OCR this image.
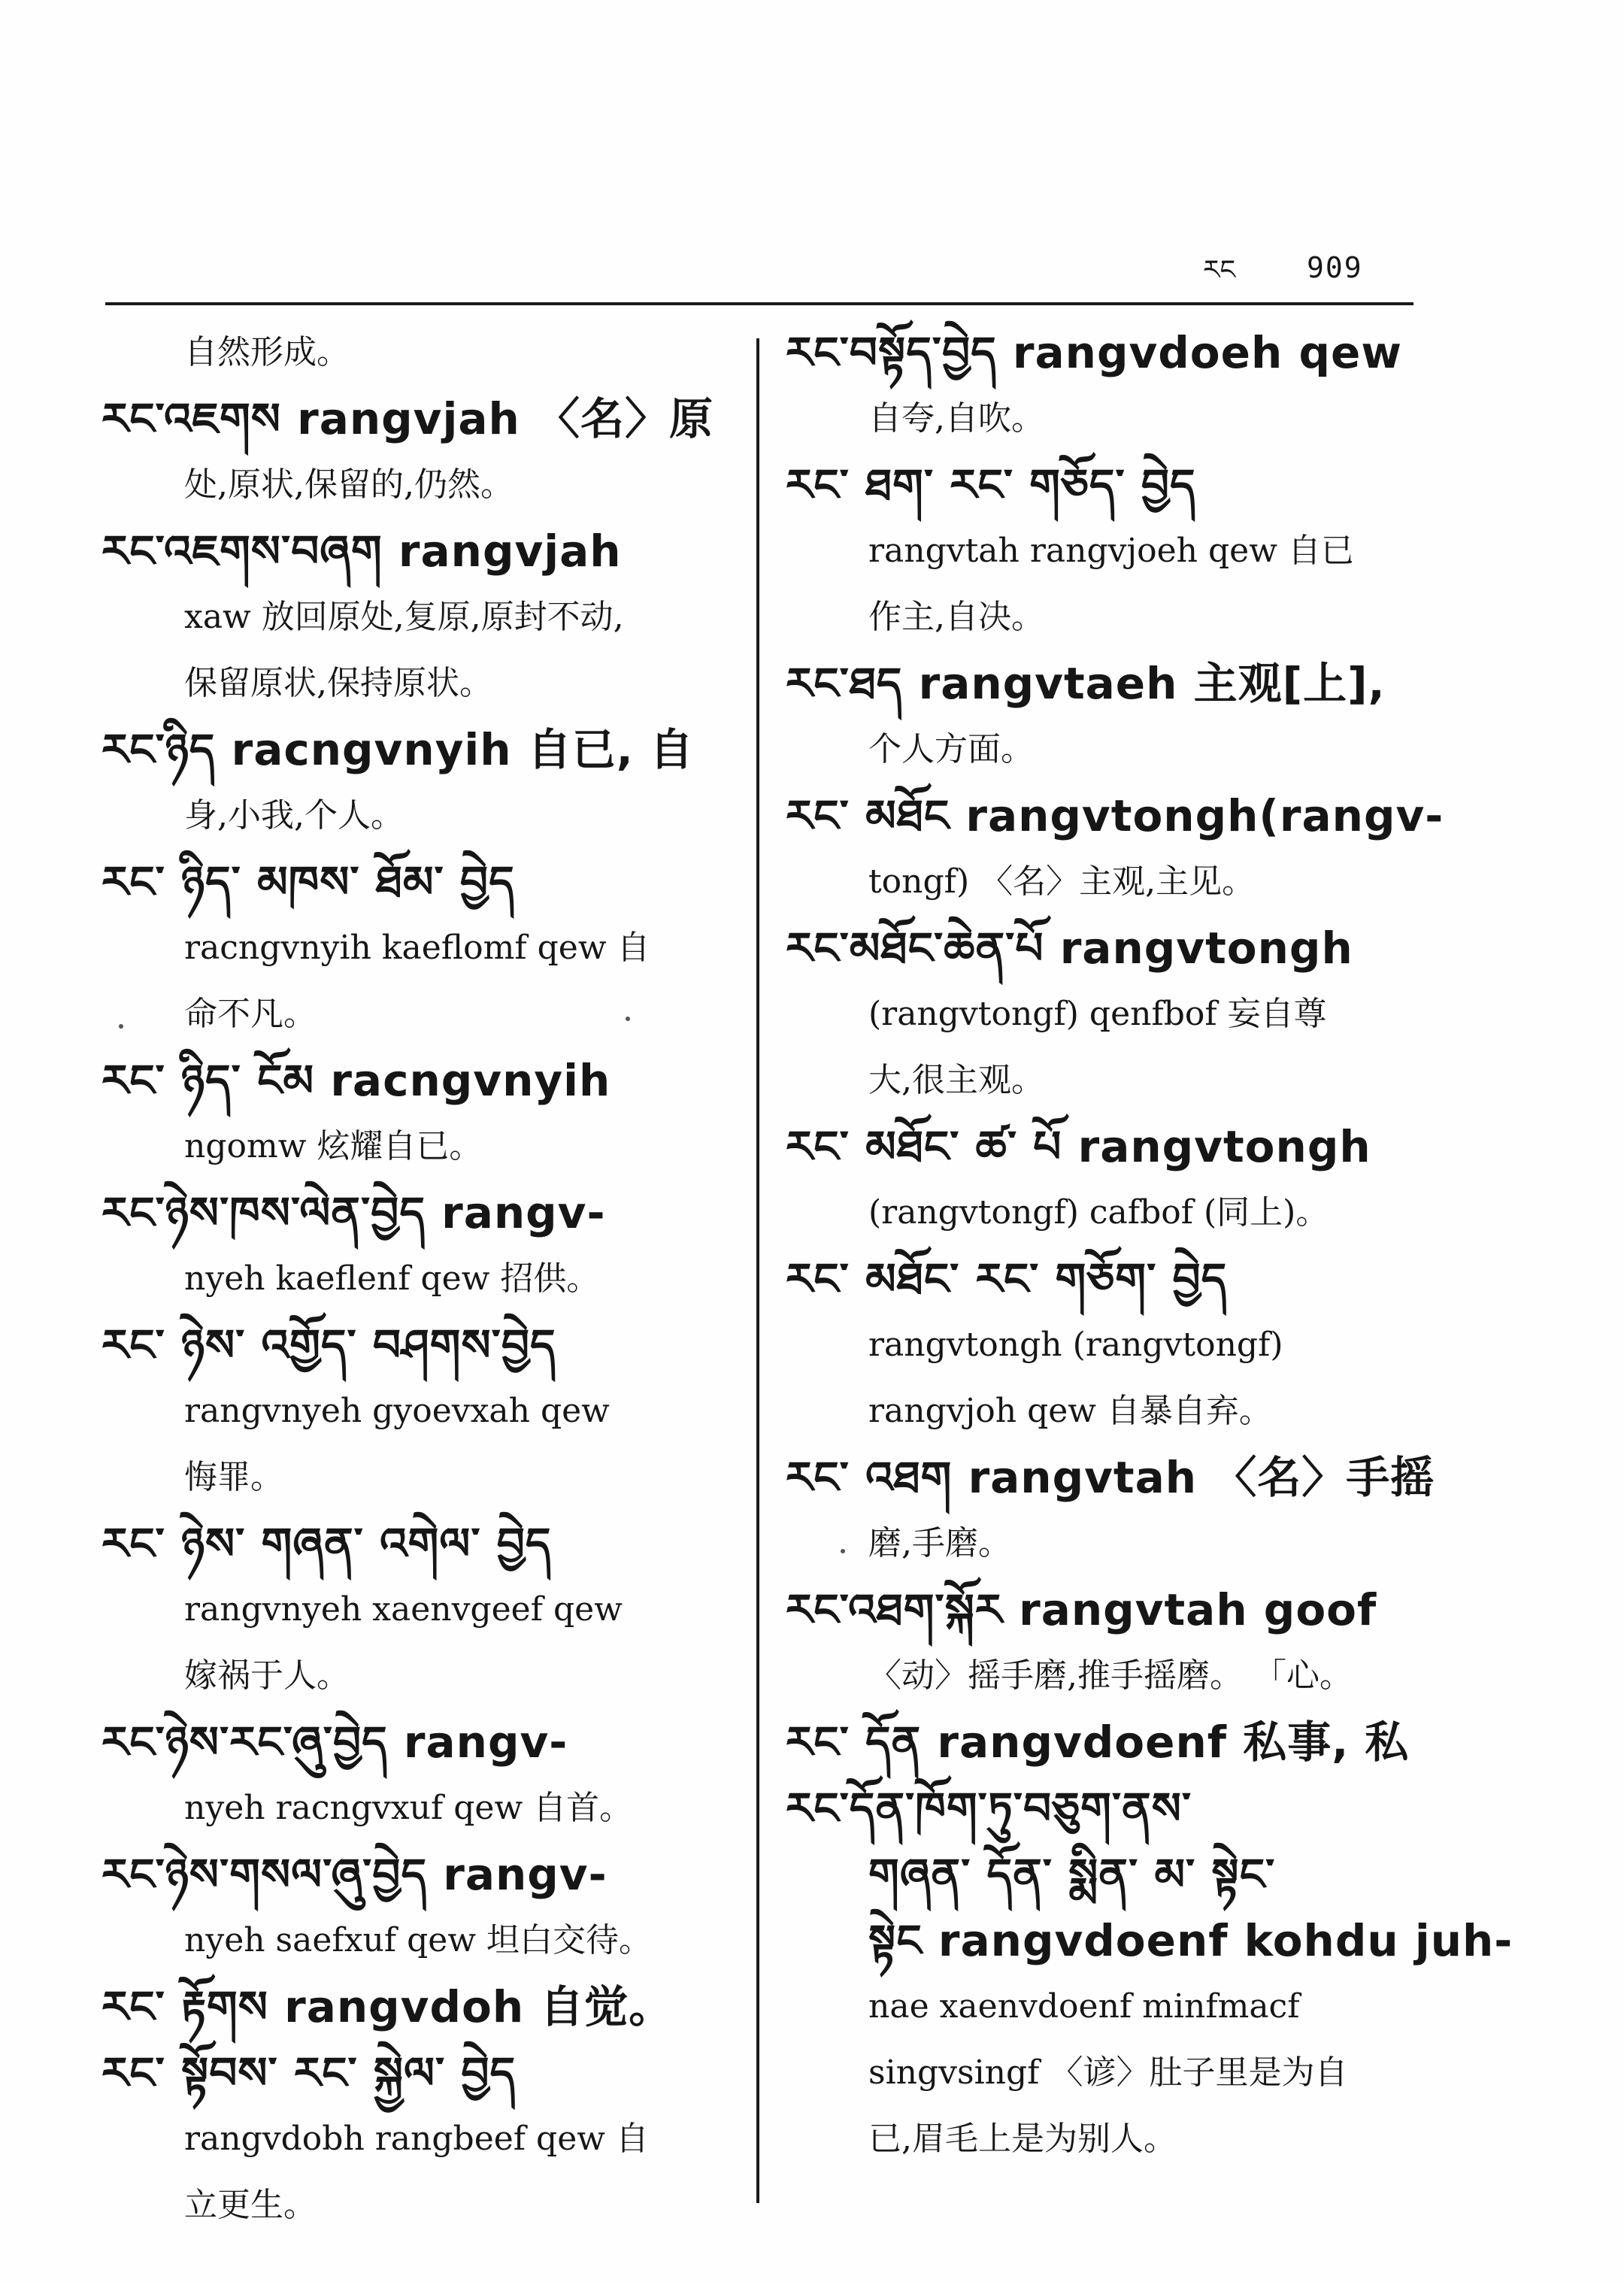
ཪང 909
自然形成。
རང་འཇགས rangvjah 〈名〉原
处,原状,保留的,仍然。
རང་འཇགས་བཞག rangvjah
xaw 放回原处,复原,原封不动,
保留原状,保持原状。
རང་ཉིད racngvnyih 自已, 自
身,小我,个人。
རང་ ཉིད་ མཁས་ ཐོམ་ བྱེད
racngvnyih kaeflomf qew 自
命不凡。
རང་ ཉིད་ ངོམ racngvnyih
ngomw 炫耀自已。
རང་ཉེས་ཁས་ལེན་བྱེད rangv-
nyeh kaeflenf qew 招供。
རང་ ཉེས་ འགྱོད་ བཤགས་བྱེད
rangvnyeh gyoevxah qew
悔罪。
རང་ ཉེས་ གཞན་ འགེལ་ བྱེད
rangvnyeh xaenvgeef qew
嫁祸于人。
རང་ཉེས་རང་ཞུ་བྱེད rangv-
nyeh racngvxuf qew 自首。
རང་ཉེས་གསལ་ཞུ་བྱེད rangv-
nyeh saefxuf qew 坦白交待。
རང་ རྟོགས rangvdoh 自觉。
རང་ སྟོབས་ རང་ སྐྱེལ་ བྱེད
rangvdobh rangbeef qew 自
立更生。
རང་བསྟོད་བྱེད rangvdoeh qew
自夸,自吹。
རང་ ཐག་ རང་ གཅོད་ བྱེད
rangvtah rangvjoeh qew 自已
作主,自决。
རང་ཐད rangvtaeh 主观[上],
个人方面。
རང་ མཐོང rangvtongh(rangv-
tongf) 〈名〉主观,主见。
རང་མཐོང་ཆེན་པོ rangvtongh
(rangvtongf) qenfbof 妄自尊
大,很主观。
རང་ མཐོང་ ཚ་ པོ rangvtongh
(rangvtongf) cafbof (同上)。
རང་ མཐོང་ རང་ གཅོག་ བྱེད
rangvtongh (rangvtongf)
rangvjoh qew 自暴自弃。
རང་ འཐག rangvtah 〈名〉手摇
磨,手磨。
རང་འཐག་སྐོར rangvtah goof
〈动〉摇手磨,推手摇磨。 「心。
རང་ དོན rangvdoenf 私事, 私
རང་དོན་ཁོག་ཏུ་བཅུག་ནས་
གཞན་ དོན་ སྨིན་ མ་ སྟེང་
སྟེང rangvdoenf kohdu juh-
nae xaenvdoenf minfmacf
singvsingf 〈谚〉肚子里是为自
已,眉毛上是为别人。
